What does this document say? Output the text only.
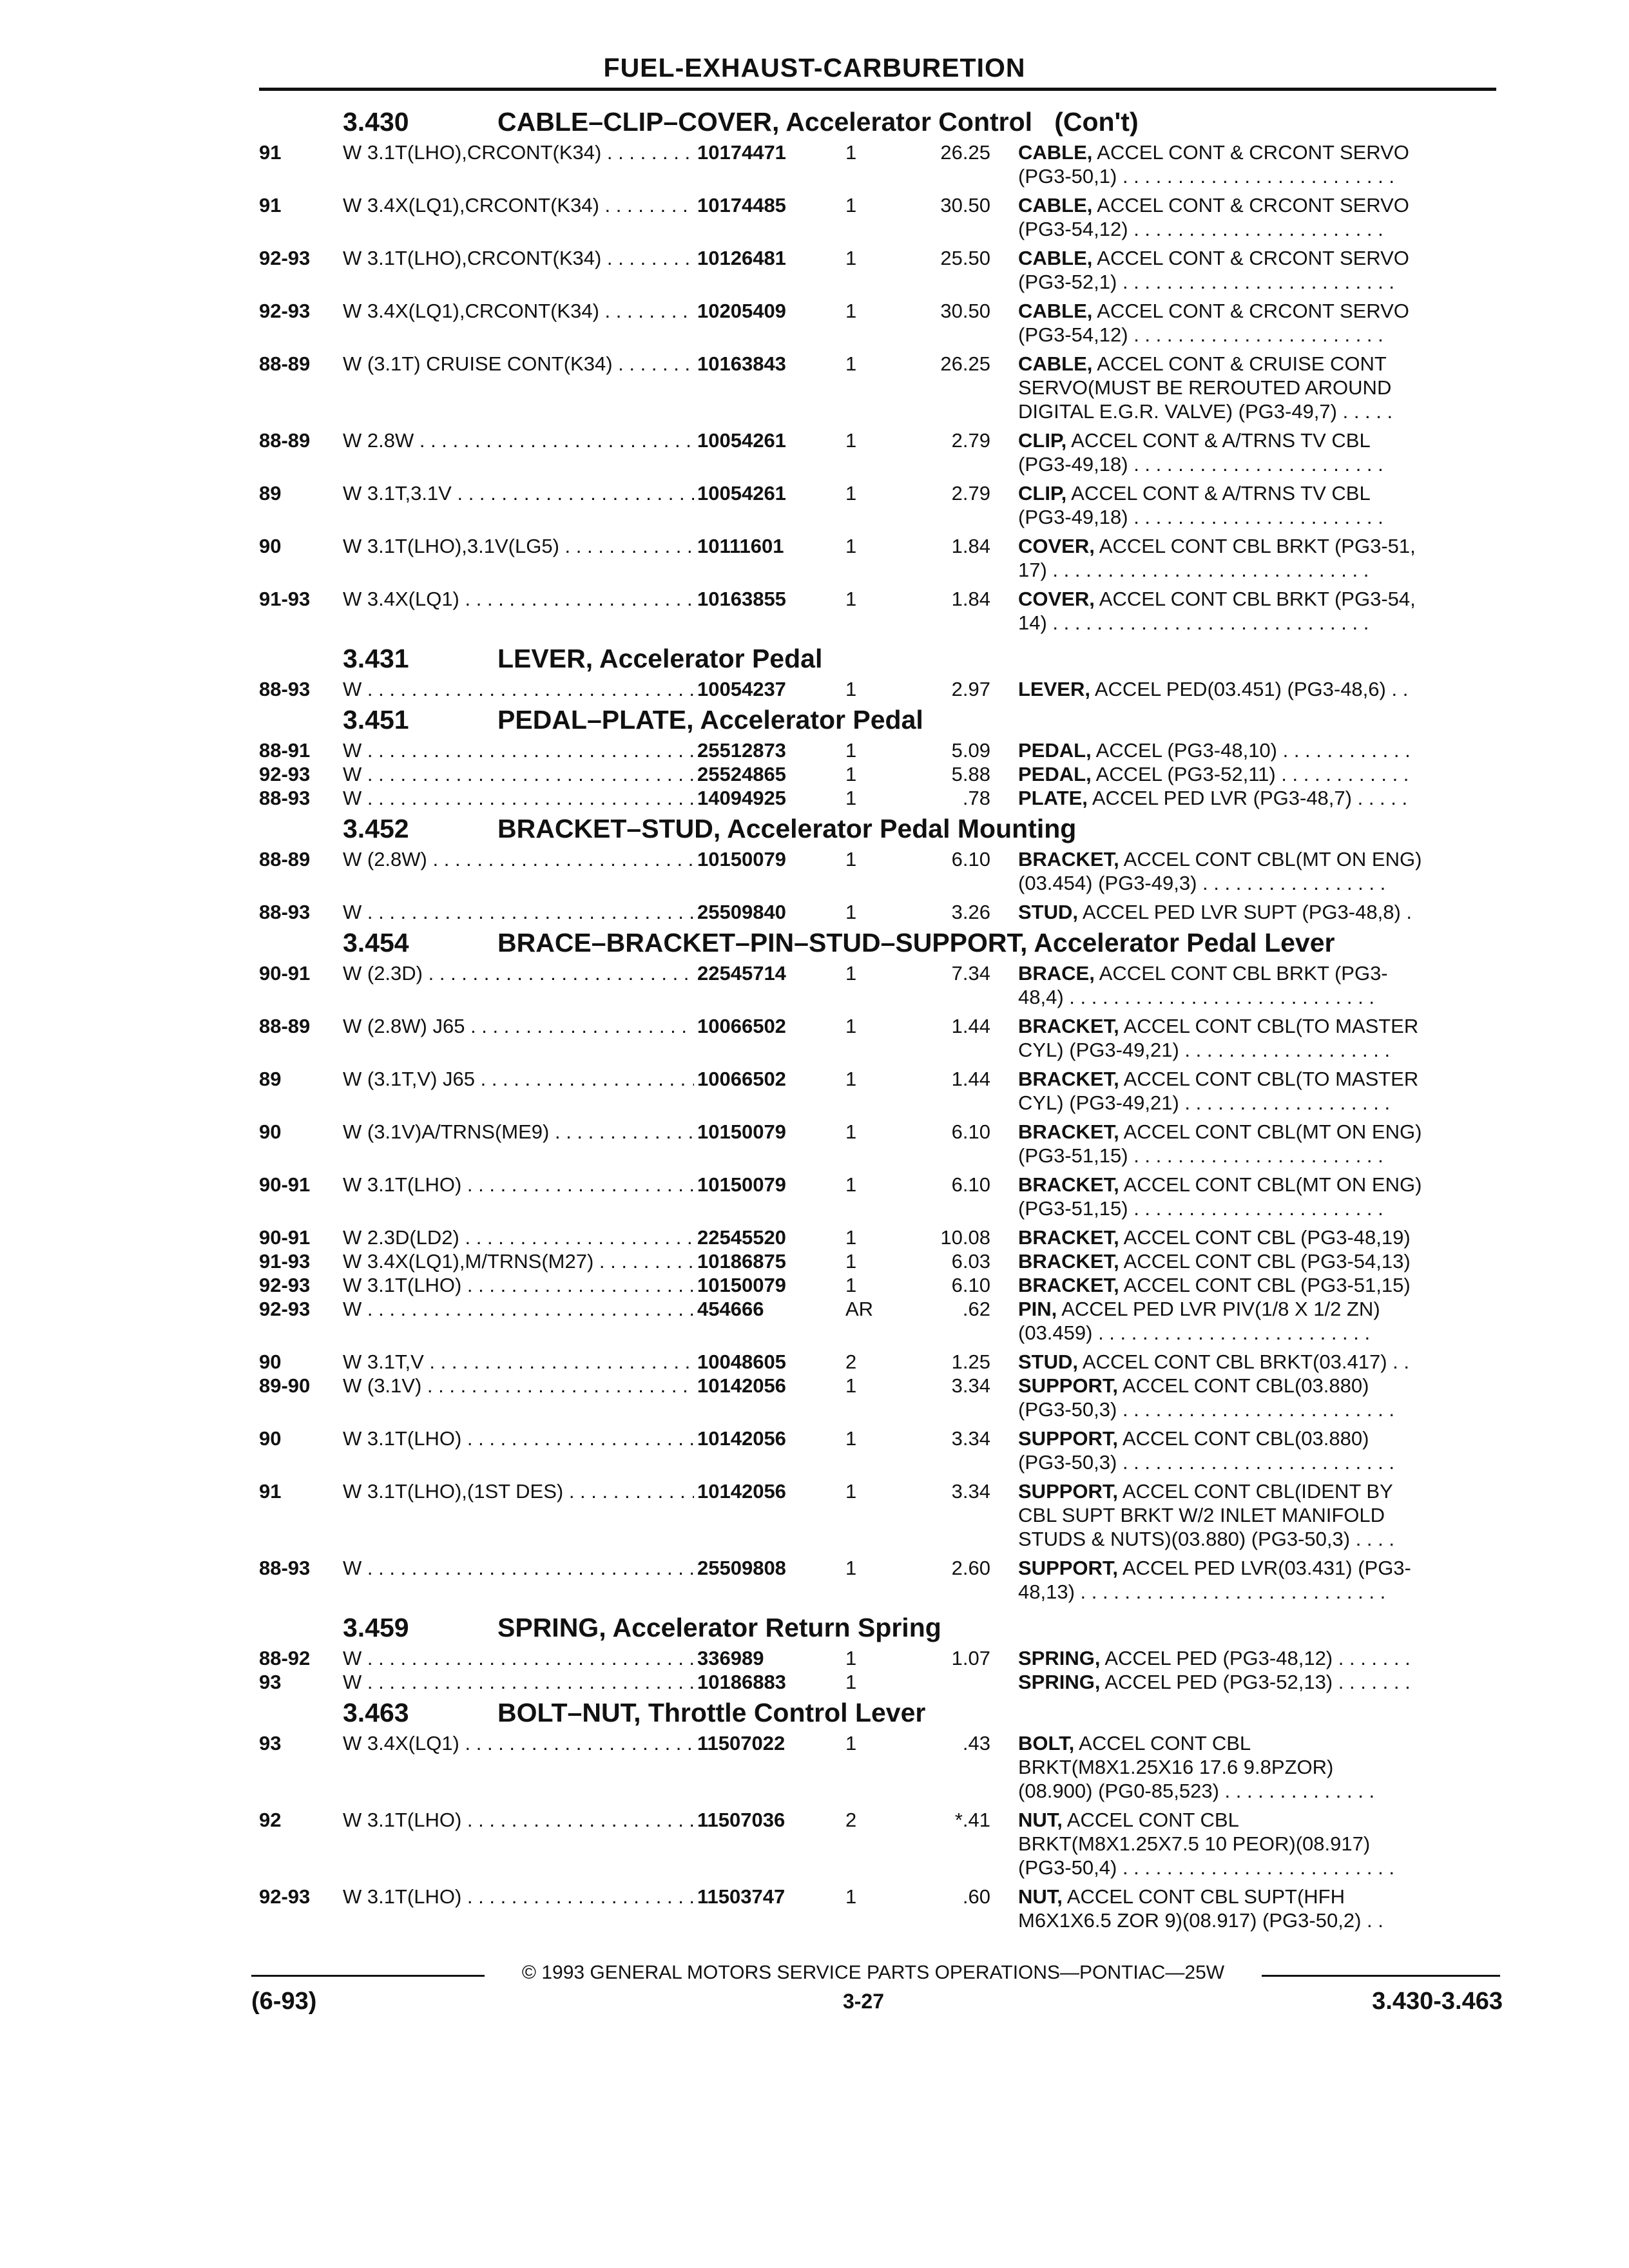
FUEL-EXHAUST-CARBURETION
3.430	CABLE–CLIP–COVER, Accelerator Control   (Con't)
91	W 3.1T(LHO),CRCONT(K34) . . .	10174471	1	26.25 CABLE, ACCEL CONT & CRCONT SERVO
(PG3-50,1) . . . . . . . . . . . . . . . . . . . . . . . . .
91	W 3.4X(LQ1),CRCONT(K34) . . .	10174485	1	30.50 CABLE, ACCEL CONT & CRCONT SERVO
(PG3-54,12) . . . . . . . . . . . . . . . . . . . . . . .
92-93 W 3.1T(LHO),CRCONT(K34) . . .	10126481	1	25.50 CABLE, ACCEL CONT & CRCONT SERVO
(PG3-52,1) . . . . . . . . . . . . . . . . . . . . . . . . .
92-93 W 3.4X(LQ1),CRCONT(K34) . . .	10205409	1	30.50 CABLE, ACCEL CONT & CRCONT SERVO
(PG3-54,12) . . . . . . . . . . . . . . . . . . . . . . .
88-89 W (3.1T) CRUISE CONT(K34) . . .	10163843	1	26.25 CABLE, ACCEL CONT & CRUISE CONT
SERVO(MUST BE REROUTED AROUND
DIGITAL E.G.R. VALVE) (PG3-49,7) . . . . .
88-89 W 2.8W . . .	10054261	1	2.79 CLIP, ACCEL CONT & A/TRNS TV CBL
(PG3-49,18) . . . . . . . . . . . . . . . . . . . . . . .
89	W 3.1T,3.1V . . .	10054261	1	2.79 CLIP, ACCEL CONT & A/TRNS TV CBL
(PG3-49,18) . . . . . . . . . . . . . . . . . . . . . . .
90	W 3.1T(LHO),3.1V(LG5) . . .	10111601	1	1.84 COVER, ACCEL CONT CBL BRKT (PG3-51,
17) . . . . . . . . . . . . . . . . . . . . . . . . . . . . .
91-93 W 3.4X(LQ1) . . .	10163855	1	1.84 COVER, ACCEL CONT CBL BRKT (PG3-54,
14) . . . . . . . . . . . . . . . . . . . . . . . . . . . . .
3.431	LEVER, Accelerator Pedal
88-93 W . . .	10054237	1	2.97 LEVER, ACCEL PED(03.451) (PG3-48,6) . .
3.451	PEDAL–PLATE, Accelerator Pedal
88-91 W . . .	25512873	1	5.09 PEDAL, ACCEL (PG3-48,10) . . . . . . . . . . . .
92-93 W . . .	25524865	1	5.88 PEDAL, ACCEL (PG3-52,11) . . . . . . . . . . . .
88-93 W . . .	14094925	1	.78 PLATE, ACCEL PED LVR (PG3-48,7) . . . . .
3.452	BRACKET–STUD, Accelerator Pedal Mounting
88-89 W (2.8W) . . .	10150079	1	6.10 BRACKET, ACCEL CONT CBL(MT ON ENG)
(03.454) (PG3-49,3) . . . . . . . . . . . . . . . . .
88-93 W . . .	25509840	1	3.26 STUD, ACCEL PED LVR SUPT (PG3-48,8) .
3.454	BRACE–BRACKET–PIN–STUD–SUPPORT, Accelerator Pedal Lever
90-91 W (2.3D) . . .	22545714	1	7.34 BRACE, ACCEL CONT CBL BRKT (PG3-
48,4) . . . . . . . . . . . . . . . . . . . . . . . . . . . .
88-89 W (2.8W) J65 . . .	10066502	1	1.44 BRACKET, ACCEL CONT CBL(TO MASTER
CYL) (PG3-49,21) . . . . . . . . . . . . . . . . . . .
89	W (3.1T,V) J65 . . .	10066502	1	1.44 BRACKET, ACCEL CONT CBL(TO MASTER
CYL) (PG3-49,21) . . . . . . . . . . . . . . . . . . .
90	W (3.1V)A/TRNS(ME9) . . .	10150079	1	6.10 BRACKET, ACCEL CONT CBL(MT ON ENG)
(PG3-51,15) . . . . . . . . . . . . . . . . . . . . . . .
90-91 W 3.1T(LHO) . . .	10150079	1	6.10 BRACKET, ACCEL CONT CBL(MT ON ENG)
(PG3-51,15) . . . . . . . . . . . . . . . . . . . . . . .
90-91 W 2.3D(LD2) . . .	22545520	1	10.08 BRACKET, ACCEL CONT CBL (PG3-48,19)
91-93 W 3.4X(LQ1),M/TRNS(M27) . . .	10186875	1	6.03 BRACKET, ACCEL CONT CBL (PG3-54,13)
92-93 W 3.1T(LHO) . . .	10150079	1	6.10 BRACKET, ACCEL CONT CBL (PG3-51,15)
92-93 W . . .	454666	AR	.62 PIN, ACCEL PED LVR PIV(1/8 X 1/2 ZN)
(03.459) . . . . . . . . . . . . . . . . . . . . . . . . .
90	W 3.1T,V . . .	10048605	2	1.25 STUD, ACCEL CONT CBL BRKT(03.417) . .
89-90 W (3.1V) . . .	10142056	1	3.34 SUPPORT, ACCEL CONT CBL(03.880)
(PG3-50,3) . . . . . . . . . . . . . . . . . . . . . . . . .
90	W 3.1T(LHO) . . .	10142056	1	3.34 SUPPORT, ACCEL CONT CBL(03.880)
(PG3-50,3) . . . . . . . . . . . . . . . . . . . . . . . . .
91	W 3.1T(LHO),(1ST DES) . . .	10142056	1	3.34 SUPPORT, ACCEL CONT CBL(IDENT BY
CBL SUPT BRKT W/2 INLET MANIFOLD
STUDS & NUTS)(03.880) (PG3-50,3) . . . .
88-93 W . . .	25509808	1	2.60 SUPPORT, ACCEL PED LVR(03.431) (PG3-
48,13) . . . . . . . . . . . . . . . . . . . . . . . . . . . .
3.459	SPRING, Accelerator Return Spring
88-92 W . . .	336989	1	1.07 SPRING, ACCEL PED (PG3-48,12) . . . . . . .
93	W . . .	10186883	1	SPRING, ACCEL PED (PG3-52,13) . . . . . . .
3.463	BOLT–NUT, Throttle Control Lever
93	W 3.4X(LQ1) . . .	11507022	1	.43 BOLT, ACCEL CONT CBL
BRKT(M8X1.25X16 17.6 9.8PZOR)
(08.900) (PG0-85,523) . . . . . . . . . . . . . .
92	W 3.1T(LHO) . . .	11507036	2	*.41 NUT, ACCEL CONT CBL
BRKT(M8X1.25X7.5 10 PEOR)(08.917)
(PG3-50,4) . . . . . . . . . . . . . . . . . . . . . . . . .
92-93 W 3.1T(LHO) . . .	11503747	1	.60 NUT, ACCEL CONT CBL SUPT(HFH
M6X1X6.5 ZOR 9)(08.917) (PG3-50,2) . .
© 1993 GENERAL MOTORS SERVICE PARTS OPERATIONS—PONTIAC—25W
(6-93)	3-27	3.430-3.463
